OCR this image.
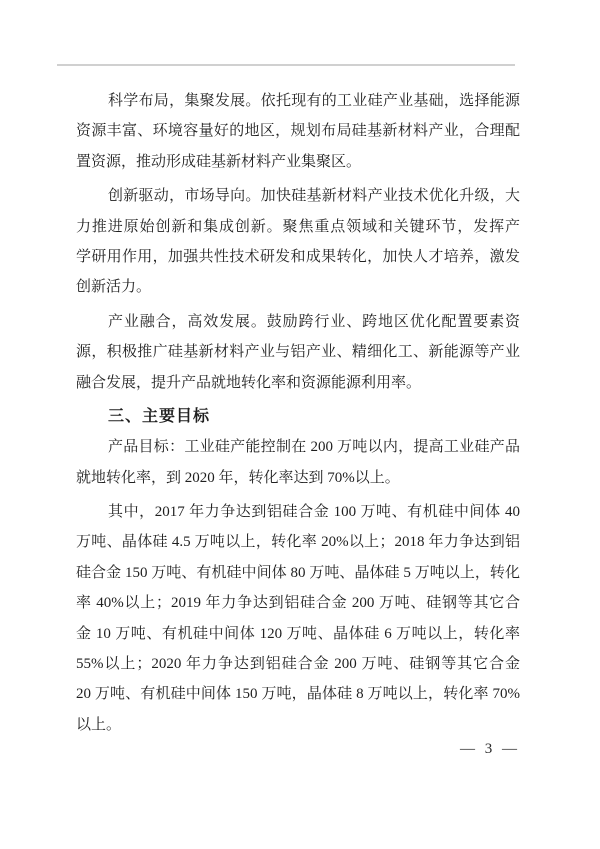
科学布局，集聚发展。依托现有的工业硅产业基础，选择能源
资源丰富、环境容量好的地区，规划布局硅基新材料产业，合理配
置资源，推动形成硅基新材料产业集聚区。
创新驱动，市场导向。加快硅基新材料产业技术优化升级，大
力推进原始创新和集成创新。聚焦重点领域和关键环节，发挥产
学研用作用，加强共性技术研发和成果转化，加快人才培养，激发
创新活力。
产业融合，高效发展。鼓励跨行业、跨地区优化配置要素资
源，积极推广硅基新材料产业与铝产业、精细化工、新能源等产业
融合发展，提升产品就地转化率和资源能源利用率。
三、主要目标
产品目标：工业硅产能控制在 200 万吨以内，提高工业硅产品
就地转化率，到 2020 年，转化率达到 70%以上。
其中，2017 年力争达到铝硅合金 100 万吨、有机硅中间体 40
万吨、晶体硅 4.5 万吨以上，转化率 20%以上；2018 年力争达到铝
硅合金 150 万吨、有机硅中间体 80 万吨、晶体硅 5 万吨以上，转化
率 40%以上；2019 年力争达到铝硅合金 200 万吨、硅钢等其它合
金 10 万吨、有机硅中间体 120 万吨、晶体硅 6 万吨以上，转化率
55%以上；2020 年力争达到铝硅合金 200 万吨、硅钢等其它合金
20 万吨、有机硅中间体 150 万吨，晶体硅 8 万吨以上，转化率 70%
以上。
— 3 —
